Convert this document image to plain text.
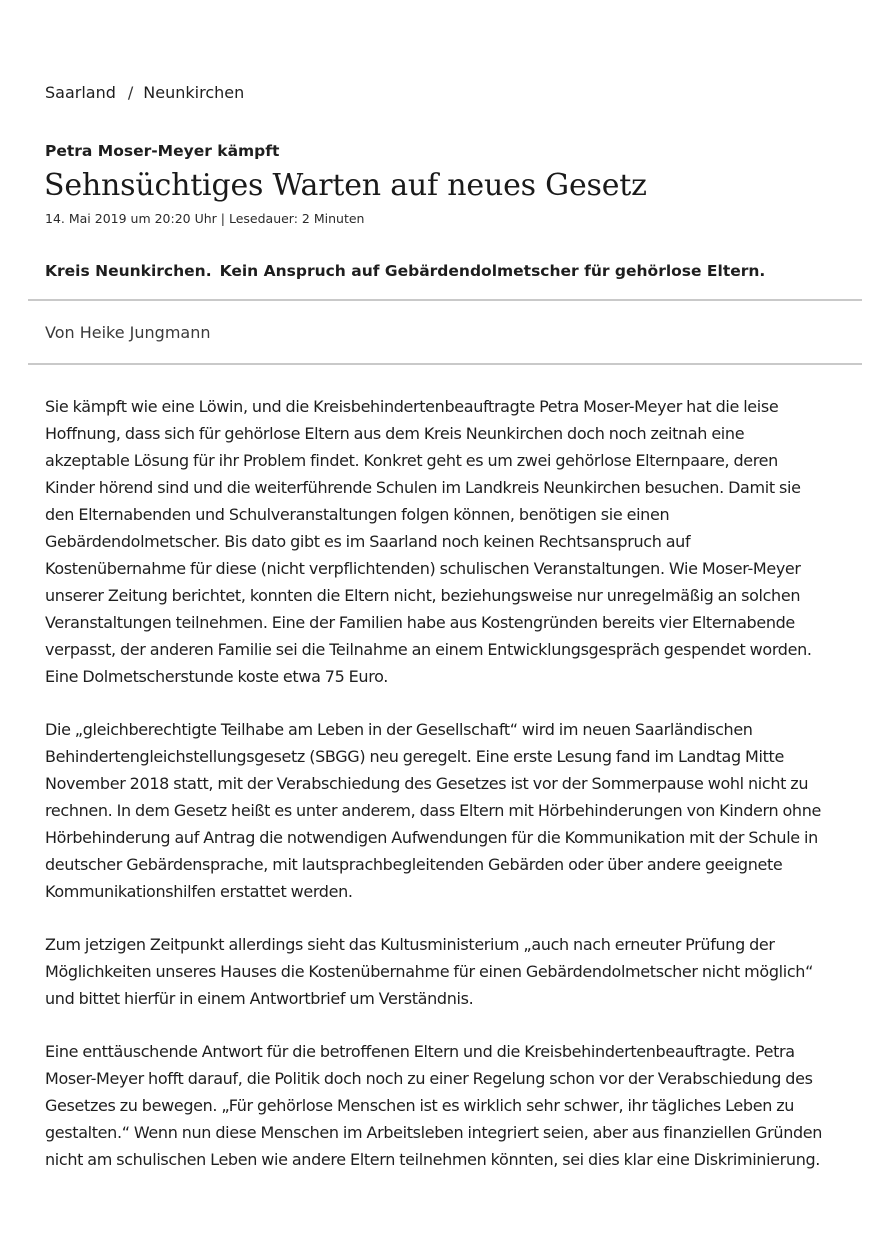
Saarland / Neunkirchen
Petra Moser-Meyer kämpft
Sehnsüchtiges Warten auf neues Gesetz
14. Mai 2019 um 20:20 Uhr | Lesedauer: 2 Minuten
Kreis Neunkirchen. Kein Anspruch auf Gebärdendolmetscher für gehörlose Eltern.
Von Heike Jungmann

Sie kämpft wie eine Löwin, und die Kreisbehindertenbeauftragte Petra Moser-Meyer hat die leise
Hoffnung, dass sich für gehörlose Eltern aus dem Kreis Neunkirchen doch noch zeitnah eine
akzeptable Lösung für ihr Problem findet. Konkret geht es um zwei gehörlose Elternpaare, deren
Kinder hörend sind und die weiterführende Schulen im Landkreis Neunkirchen besuchen. Damit sie
den Elternabenden und Schulveranstaltungen folgen können, benötigen sie einen
Gebärdendolmetscher. Bis dato gibt es im Saarland noch keinen Rechtsanspruch auf
Kostenübernahme für diese (nicht verpflichtenden) schulischen Veranstaltungen. Wie Moser-Meyer
unserer Zeitung berichtet, konnten die Eltern nicht, beziehungsweise nur unregelmäßig an solchen
Veranstaltungen teilnehmen. Eine der Familien habe aus Kostengründen bereits vier Elternabende
verpasst, der anderen Familie sei die Teilnahme an einem Entwicklungsgespräch gespendet worden.
Eine Dolmetscherstunde koste etwa 75 Euro.

Die „gleichberechtigte Teilhabe am Leben in der Gesellschaft“ wird im neuen Saarländischen
Behindertengleichstellungsgesetz (SBGG) neu geregelt. Eine erste Lesung fand im Landtag Mitte
November 2018 statt, mit der Verabschiedung des Gesetzes ist vor der Sommerpause wohl nicht zu
rechnen. In dem Gesetz heißt es unter anderem, dass Eltern mit Hörbehinderungen von Kindern ohne
Hörbehinderung auf Antrag die notwendigen Aufwendungen für die Kommunikation mit der Schule in
deutscher Gebärdensprache, mit lautsprachbegleitenden Gebärden oder über andere geeignete
Kommunikationshilfen erstattet werden.

Zum jetzigen Zeitpunkt allerdings sieht das Kultusministerium „auch nach erneuter Prüfung der
Möglichkeiten unseres Hauses die Kostenübernahme für einen Gebärdendolmetscher nicht möglich“
und bittet hierfür in einem Antwortbrief um Verständnis.

Eine enttäuschende Antwort für die betroffenen Eltern und die Kreisbehindertenbeauftragte. Petra
Moser-Meyer hofft darauf, die Politik doch noch zu einer Regelung schon vor der Verabschiedung des
Gesetzes zu bewegen. „Für gehörlose Menschen ist es wirklich sehr schwer, ihr tägliches Leben zu
gestalten.“ Wenn nun diese Menschen im Arbeitsleben integriert seien, aber aus finanziellen Gründen
nicht am schulischen Leben wie andere Eltern teilnehmen könnten, sei dies klar eine Diskriminierung.
